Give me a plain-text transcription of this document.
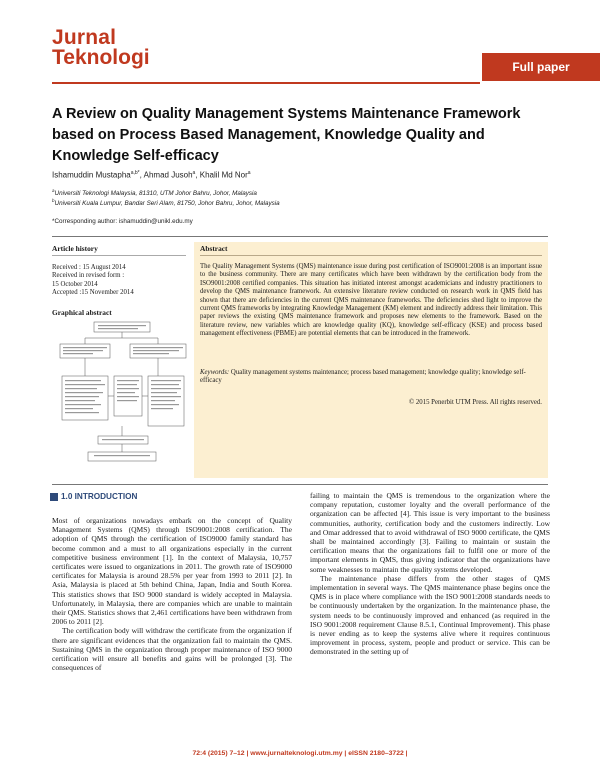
Jurnal
Teknologi	Full paper
A Review on Quality Management Systems Maintenance Framework based on Process Based Management, Knowledge Quality and Knowledge Self-efficacy
Ishamuddin Mustapha$^{a,b*}$, Ahmad Jusoh$^a$, Khalil Md Nor$^a$
$^a$Universiti Teknologi Malaysia, 81310, UTM Johor Bahru, Johor, Malaysia
$^b$Universiti Kuala Lumpur, Bandar Seri Alam, 81750, Johor Bahru, Johor, Malaysia
*Corresponding author: ishamuddin@unikl.edu.my
Article history
Received : 15 August 2014
Received in revised form :
15 October 2014
Accepted :15 November 2014
Graphical abstract
Abstract
The Quality Management Systems (QMS) maintenance issue during post certification of ISO9001:2008 is an important issue to the business community. There are many certificates which have been withdrawn by the certification body from the ISO9001:2008 certified companies. This situation has initiated interest amongst academicians and industry practitioners to develop the QMS maintenance framework. An extensive literature review conducted on research work in QMS field has shown that there are deficiencies in the current QMS maintenance frameworks. The deficiencies shed light to improve the current QMS frameworks by integrating Knowledge Management (KM) element and indirectly address their limitation. This paper reviews the existing QMS maintenance framework and proposes new elements to the framework. Based on the literature review, new variables which are knowledge quality (KQ), knowledge self-efficacy (KSE) and process based management effectiveness (PBME) are potential elements that can be introduced in the framework.
Keywords: Quality management systems maintenance; process based management; knowledge quality; knowledge self-efficacy
© 2015 Penerbit UTM Press. All rights reserved.
1.0 INTRODUCTION

Most of organizations nowadays embark on the concept of Quality Management Systems (QMS) through ISO9001:2008 certification. The adoption of QMS through the certification of ISO9000 family standard has become common and a must to all organizations especially in the current competitive business environment [1]. In the context of Malaysia, 10,757 certificates were issued to organizations in 2011. The growth rate of ISO9000 certificates for Malaysia is around 28.5% per year from 1993 to 2011 [2]. In Asia, Malaysia is placed at 5th behind China, Japan, India and South Korea. This statistics shows that ISO 9000 standard is widely accepted in Malaysia. Unfortunately, in Malaysia, there are companies which are unable to maintain their QMS. Statistics shows that 2,461 certifications have been withdrawn from 2006 to 2011 [2].

The certification body will withdraw the certificate from the organization if there are significant evidences that the organization fail to maintain the QMS. Sustaining QMS in the organization through proper maintenance of ISO 9000 certification will ensure all benefits and gains will be prolonged [3]. The consequences of

failing to maintain the QMS is tremendous to the organization where the company reputation, customer loyalty and the overall performance of the organization can be affected [4]. This issue is very important to the business communities, authority, certification body and the customers indirectly. Low and Omar addressed that to avoid withdrawal of ISO 9000 certificate, the QMS shall be maintained accordingly [3]. Failing to maintain or sustain the certification means that the organizations fail to fulfil one or more of the important elements in QMS, thus giving indicator that the organizations have some weaknesses to maintain the quality systems developed.

The maintenance phase differs from the other stages of QMS implementation in several ways. The QMS maintenance phase begins once the QMS is in place where compliance with the ISO 9001:2008 standards needs to be continuously undertaken by the organization. In the maintenance phase, the system needs to be continuously improved and enhanced (as required in the ISO 9001:2008 requirement Clause 8.5.1, Continual Improvement). This phase is never ending as to keep the systems alive where it requires continuous improvement in process, system, people and product or service. This can be demonstrated in the setting up of

72:4 (2015) 7–12 | www.jurnalteknologi.utm.my | eISSN 2180–3722 |
